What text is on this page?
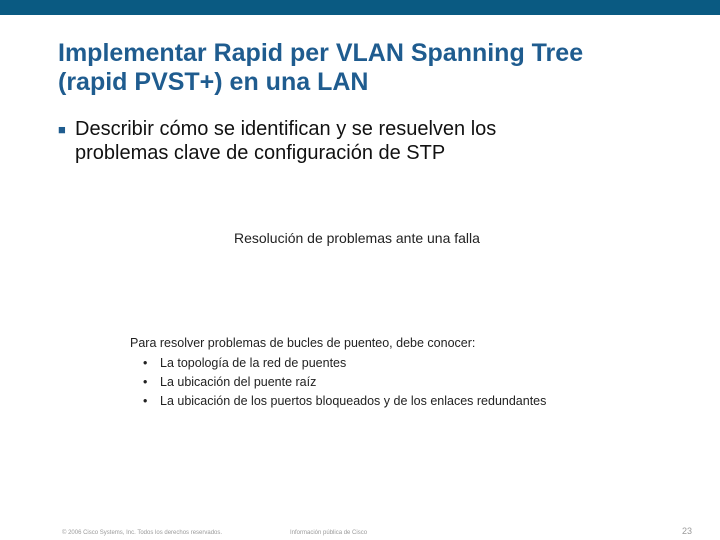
Implementar Rapid per VLAN Spanning Tree
(rapid PVST+) en una LAN
■ Describir cómo se identifican y se resuelven los
problemas clave de configuración de STP
Resolución de problemas ante una falla
Para resolver problemas de bucles de puenteo, debe conocer:
• La topología de la red de puentes
• La ubicación del puente raíz
• La ubicación de los puertos bloqueados y de los enlaces redundantes
© 2006 Cisco Systems, Inc. Todos los derechos reservados.	Información pública de Cisco	23
